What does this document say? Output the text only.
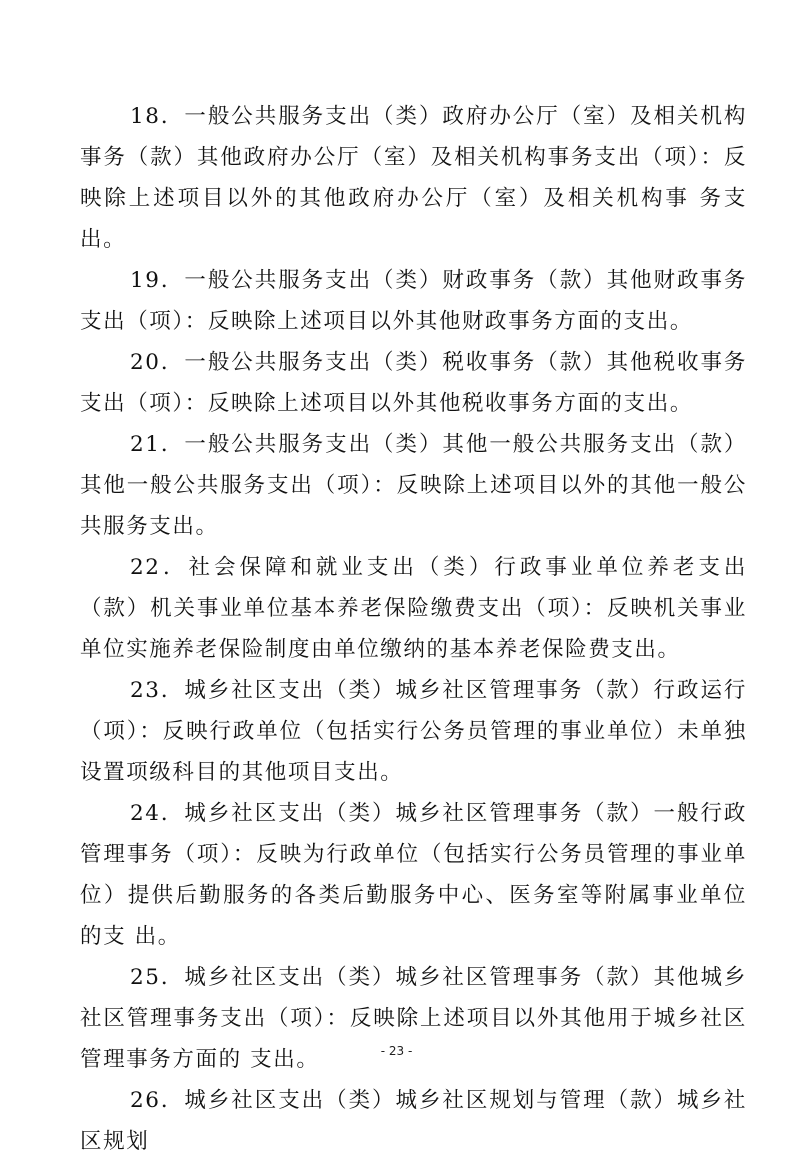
18．一般公共服务支出（类）政府办公厅（室）及相关机构事务（款）其他政府办公厅（室）及相关机构事务支出（项）：反映除上述项目以外的其他政府办公厅（室）及相关机构事 务支出。

19．一般公共服务支出（类）财政事务（款）其他财政事务支出（项）：反映除上述项目以外其他财政事务方面的支出。

20．一般公共服务支出（类）税收事务（款）其他税收事务支出（项）：反映除上述项目以外其他税收事务方面的支出。

21．一般公共服务支出（类）其他一般公共服务支出（款）其他一般公共服务支出（项）：反映除上述项目以外的其他一般公共服务支出。

22．社会保障和就业支出（类）行政事业单位养老支出（款）机关事业单位基本养老保险缴费支出（项）：反映机关事业单位实施养老保险制度由单位缴纳的基本养老保险费支出。

23．城乡社区支出（类）城乡社区管理事务（款）行政运行（项）：反映行政单位（包括实行公务员管理的事业单位）未单独 设置项级科目的其他项目支出。

24．城乡社区支出（类）城乡社区管理事务（款）一般行政管理事务（项）：反映为行政单位（包括实行公务员管理的事业单位）提供后勤服务的各类后勤服务中心、医务室等附属事业单位的支 出。

25．城乡社区支出（类）城乡社区管理事务（款）其他城乡社区管理事务支出（项）：反映除上述项目以外其他用于城乡社区管理事务方面的 支出。

26．城乡社区支出（类）城乡社区规划与管理（款）城乡社区规划

- 23 -
